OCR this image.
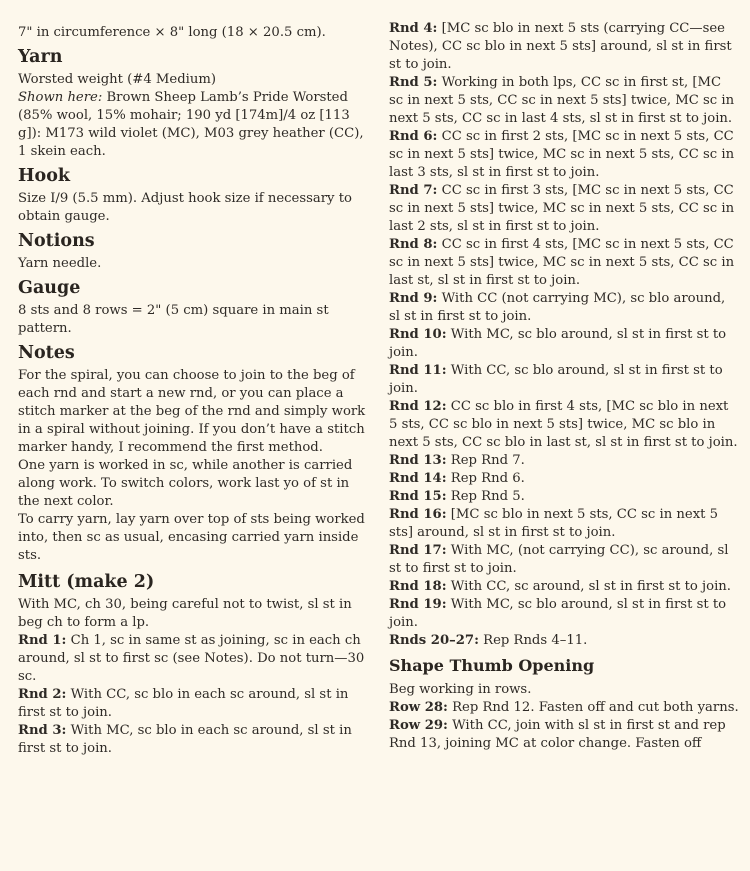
7" in circumference × 8" long (18 × 20.5 cm).

Yarn

Worsted weight (#4 Medium)

Shown here: Brown Sheep Lamb’s Pride Worsted (85% wool, 15% mohair; 190 yd [174m]/4 oz [113 g]): M173 wild violet (MC), M03 grey heather (CC), 1 skein each.

Hook

Size I/9 (5.5 mm). Adjust hook size if necessary to obtain gauge.

Notions

Yarn needle.

Gauge

8 sts and 8 rows = 2" (5 cm) square in main st pattern.

Notes

For the spiral, you can choose to join to the beg of each rnd and start a new rnd, or you can place a stitch marker at the beg of the rnd and simply work in a spiral without joining. If you don’t have a stitch marker handy, I recommend the first method.

One yarn is worked in sc, while another is carried along work. To switch colors, work last yo of st in the next color.

To carry yarn, lay yarn over top of sts being worked into, then sc as usual, encasing carried yarn inside sts.

Mitt (make 2)

With MC, ch 30, being careful not to twist, sl st in beg ch to form a lp.

Rnd 1: Ch 1, sc in same st as joining, sc in each ch around, sl st to first sc (see Notes). Do not turn—30 sc.

Rnd 2: With CC, sc blo in each sc around, sl st in first st to join.

Rnd 3: With MC, sc blo in each sc around, sl st in first st to join.

Rnd 4: [MC sc blo in next 5 sts (carrying CC—see Notes), CC sc blo in next 5 sts] around, sl st in first st to join.

Rnd 5: Working in both lps, CC sc in first st, [MC sc in next 5 sts, CC sc in next 5 sts] twice, MC sc in next 5 sts, CC sc in last 4 sts, sl st in first st to join.

Rnd 6: CC sc in first 2 sts, [MC sc in next 5 sts, CC sc in next 5 sts] twice, MC sc in next 5 sts, CC sc in last 3 sts, sl st in first st to join.

Rnd 7: CC sc in first 3 sts, [MC sc in next 5 sts, CC sc in next 5 sts] twice, MC sc in next 5 sts, CC sc in last 2 sts, sl st in first st to join.

Rnd 8: CC sc in first 4 sts, [MC sc in next 5 sts, CC sc in next 5 sts] twice, MC sc in next 5 sts, CC sc in last st, sl st in first st to join.

Rnd 9: With CC (not carrying MC), sc blo around, sl st in first st to join.

Rnd 10: With MC, sc blo around, sl st in first st to join.

Rnd 11: With CC, sc blo around, sl st in first st to join.

Rnd 12: CC sc blo in first 4 sts, [MC sc blo in next 5 sts, CC sc blo in next 5 sts] twice, MC sc blo in next 5 sts, CC sc blo in last st, sl st in first st to join.

Rnd 13: Rep Rnd 7.

Rnd 14: Rep Rnd 6.

Rnd 15: Rep Rnd 5.

Rnd 16: [MC sc blo in next 5 sts, CC sc in next 5 sts] around, sl st in first st to join.

Rnd 17: With MC, (not carrying CC), sc around, sl st to first st to join.

Rnd 18: With CC, sc around, sl st in first st to join.

Rnd 19: With MC, sc blo around, sl st in first st to join.

Rnds 20–27: Rep Rnds 4–11.

Shape Thumb Opening

Beg working in rows.

Row 28: Rep Rnd 12. Fasten off and cut both yarns.

Row 29: With CC, join with sl st in first st and rep Rnd 13, joining MC at color change. Fasten off
